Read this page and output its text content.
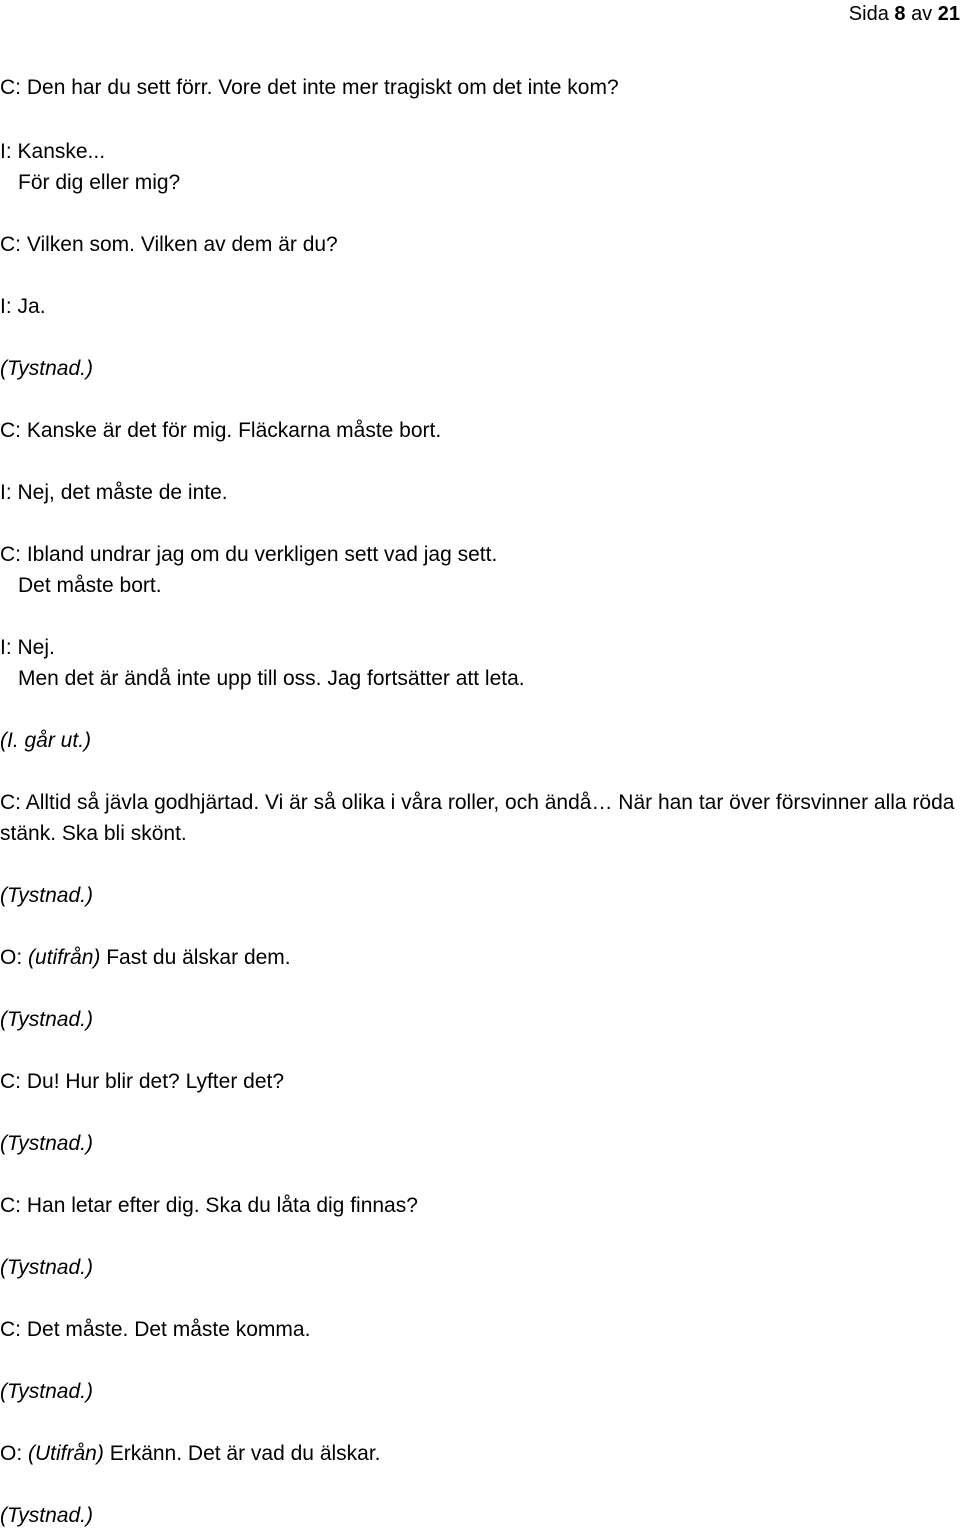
Sida 8 av 21
C: Den har du sett förr. Vore det inte mer tragiskt om det inte kom?
I: Kanske...
För dig eller mig?
C: Vilken som. Vilken av dem är du?
I: Ja.
(Tystnad.)
C: Kanske är det för mig. Fläckarna måste bort.
I: Nej, det måste de inte.
C: Ibland undrar jag om du verkligen sett vad jag sett.
Det måste bort.
I: Nej.
Men det är ändå inte upp till oss. Jag fortsätter att leta.
(I. går ut.)
C: Alltid så jävla godhjärtad. Vi är så olika i våra roller, och ändå… När han tar över försvinner alla röda stänk. Ska bli skönt.
(Tystnad.)
O: (utifrån) Fast du älskar dem.
(Tystnad.)
C: Du! Hur blir det? Lyfter det?
(Tystnad.)
C: Han letar efter dig. Ska du låta dig finnas?
(Tystnad.)
C: Det måste. Det måste komma.
(Tystnad.)
O: (Utifrån) Erkänn. Det är vad du älskar.
(Tystnad.)
